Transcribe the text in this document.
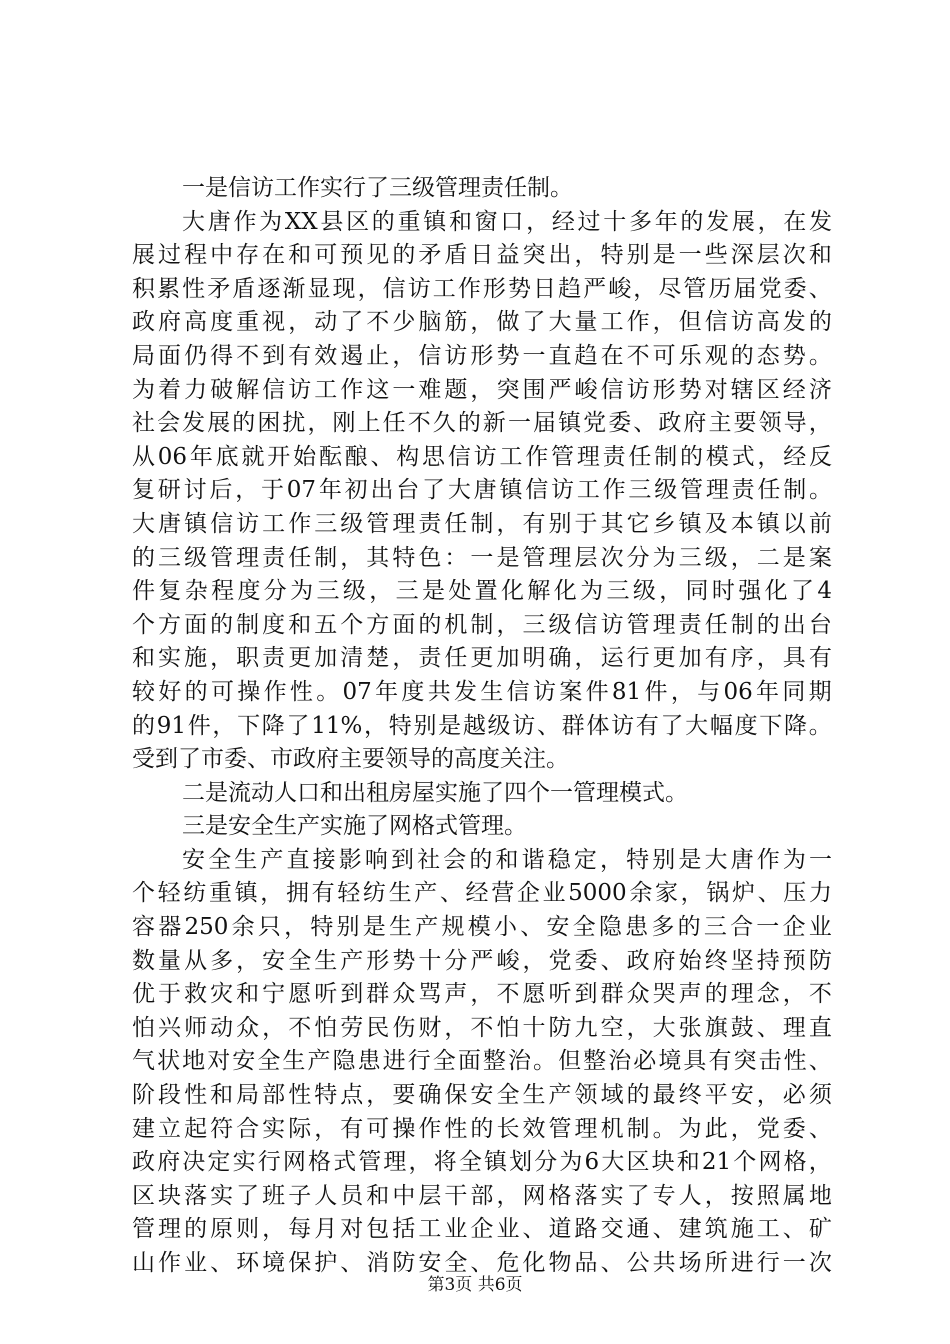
一是信访工作实行了三级管理责任制。
大 唐 作 为 XX 县 区 的 重 镇 和 窗 口 ， 经 过 十 多 年 的 发 展 ， 在 发
展 过 程 中 存 在 和 可 预 见 的 矛 盾 日 益 突 出 ， 特 别 是 一 些 深 层 次 和
积 累 性 矛 盾 逐 渐 显 现 ， 信 访 工 作 形 势 日 趋 严 峻 ， 尽 管 历 届 党 委 、
政 府 高 度 重 视 ， 动 了 不 少 脑 筋 ， 做 了 大 量 工 作 ， 但 信 访 高 发 的
局 面 仍 得 不 到 有 效 遏 止 ， 信 访 形 势 一 直 趋 在 不 可 乐 观 的 态 势 。
为 着 力 破 解 信 访 工 作 这 一 难 题 ， 突 围 严 峻 信 访 形 势 对 辖 区 经 济
社 会 发 展 的 困 扰 ， 刚 上 任 不 久 的 新 一 届 镇 党 委 、 政 府 主 要 领 导 ，
从 06 年 底 就 开 始 酝 酿 、 构 思 信 访 工 作 管 理 责 任 制 的 模 式 ， 经 反
复 研 讨 后 ， 于 07 年 初 出 台 了 大 唐 镇 信 访 工 作 三 级 管 理 责 任 制 。
大 唐 镇 信 访 工 作 三 级 管 理 责 任 制 ， 有 别 于 其 它 乡 镇 及 本 镇 以 前
的 三 级 管 理 责 任 制 ， 其 特 色 ： 一 是 管 理 层 次 分 为 三 级 ， 二 是 案
件 复 杂 程 度 分 为 三 级 ， 三 是 处 置 化 解 化 为 三 级 ， 同 时 强 化 了 4
个 方 面 的 制 度 和 五 个 方 面 的 机 制 ， 三 级 信 访 管 理 责 任 制 的 出 台
和 实 施 ， 职 责 更 加 清 楚 ， 责 任 更 加 明 确 ， 运 行 更 加 有 序 ， 具 有
较 好 的 可 操 作 性 。 07 年 度 共 发 生 信 访 案 件 81 件 ， 与 06 年 同 期
的 91 件 ， 下 降 了 11% ， 特 别 是 越 级 访 、 群 体 访 有 了 大 幅 度 下 降 。
受到了市委、市政府主要领导的高度关注。
二是流动人口和出租房屋实施了四个一管理模式。
三是安全生产实施了网格式管理。
安 全 生 产 直 接 影 响 到 社 会 的 和 谐 稳 定 ， 特 别 是 大 唐 作 为 一
个 轻 纺 重 镇 ， 拥 有 轻 纺 生 产 、 经 营 企 业 5000 余 家 ， 锅 炉 、 压 力
容 器 250 余 只 ， 特 别 是 生 产 规 模 小 、 安 全 隐 患 多 的 三 合 一 企 业
数 量 从 多 ， 安 全 生 产 形 势 十 分 严 峻 ， 党 委 、 政 府 始 终 坚 持 预 防
优 于 救 灾 和 宁 愿 听 到 群 众 骂 声 ， 不 愿 听 到 群 众 哭 声 的 理 念 ， 不
怕 兴 师 动 众 ， 不 怕 劳 民 伤 财 ， 不 怕 十 防 九 空 ， 大 张 旗 鼓 、 理 直
气 状 地 对 安 全 生 产 隐 患 进 行 全 面 整 治 。 但 整 治 必 境 具 有 突 击 性 、
阶 段 性 和 局 部 性 特 点 ， 要 确 保 安 全 生 产 领 域 的 最 终 平 安 ， 必 须
建 立 起 符 合 实 际 ， 有 可 操 作 性 的 长 效 管 理 机 制 。 为 此 ， 党 委 、
政 府 决 定 实 行 网 格 式 管 理 ， 将 全 镇 划 分 为 6 大 区 块 和 21 个 网 格 ，
区 块 落 实 了 班 子 人 员 和 中 层 干 部 ， 网 格 落 实 了 专 人 ， 按 照 属 地
管 理 的 原 则 ， 每 月 对 包 括 工 业 企 业 、 道 路 交 通 、 建 筑 施 工 、 矿
山 作 业 、 环 境 保 护 、 消 防 安 全 、 危 化 物 品 、 公 共 场 所 进 行 一 次
第3页 共6页
